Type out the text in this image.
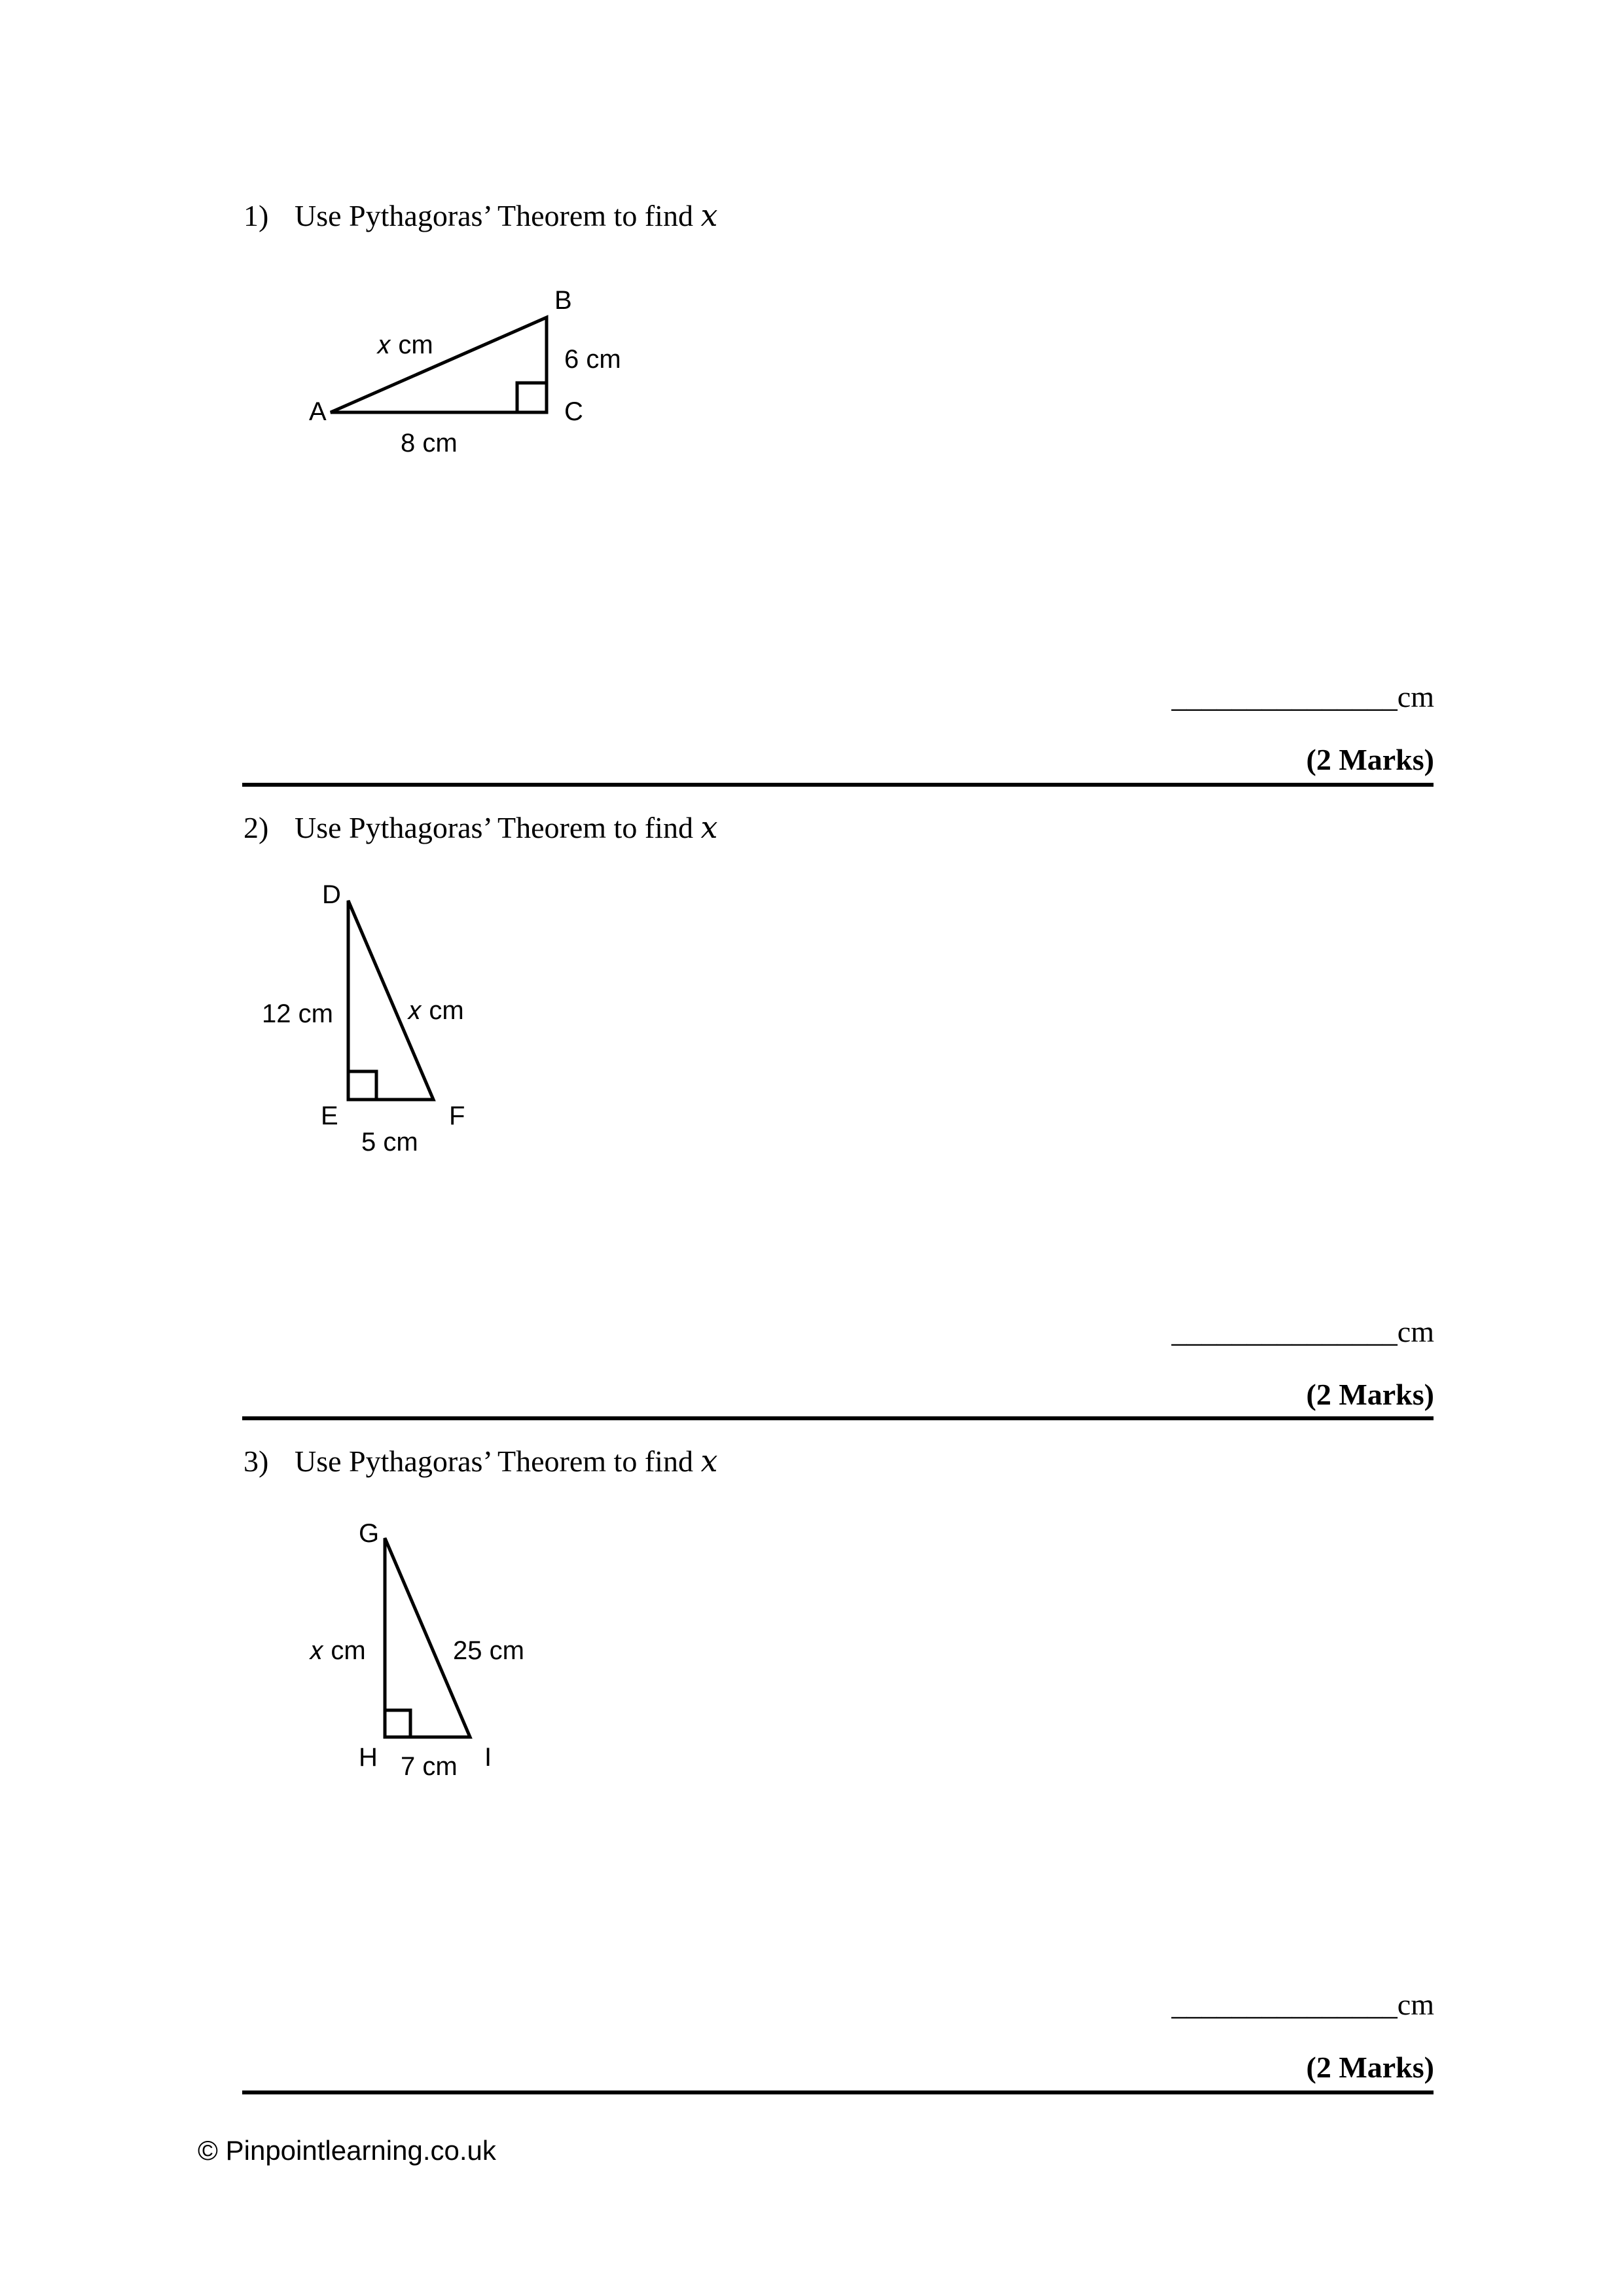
1) Use Pythagoras’ Theorem to find 𝑥
A
B
C
𝑥 cm	6 cm
8 cm
_______________cm
(2 Marks)
2) Use Pythagoras’ Theorem to find 𝑥
D
E	F
12 cm	𝑥 cm
5 cm
_______________cm
(2 Marks)
3) Use Pythagoras’ Theorem to find 𝑥
G
H	I
𝑥 cm	25 cm
7 cm
_______________cm
(2 Marks)
© Pinpointlearning.co.uk
